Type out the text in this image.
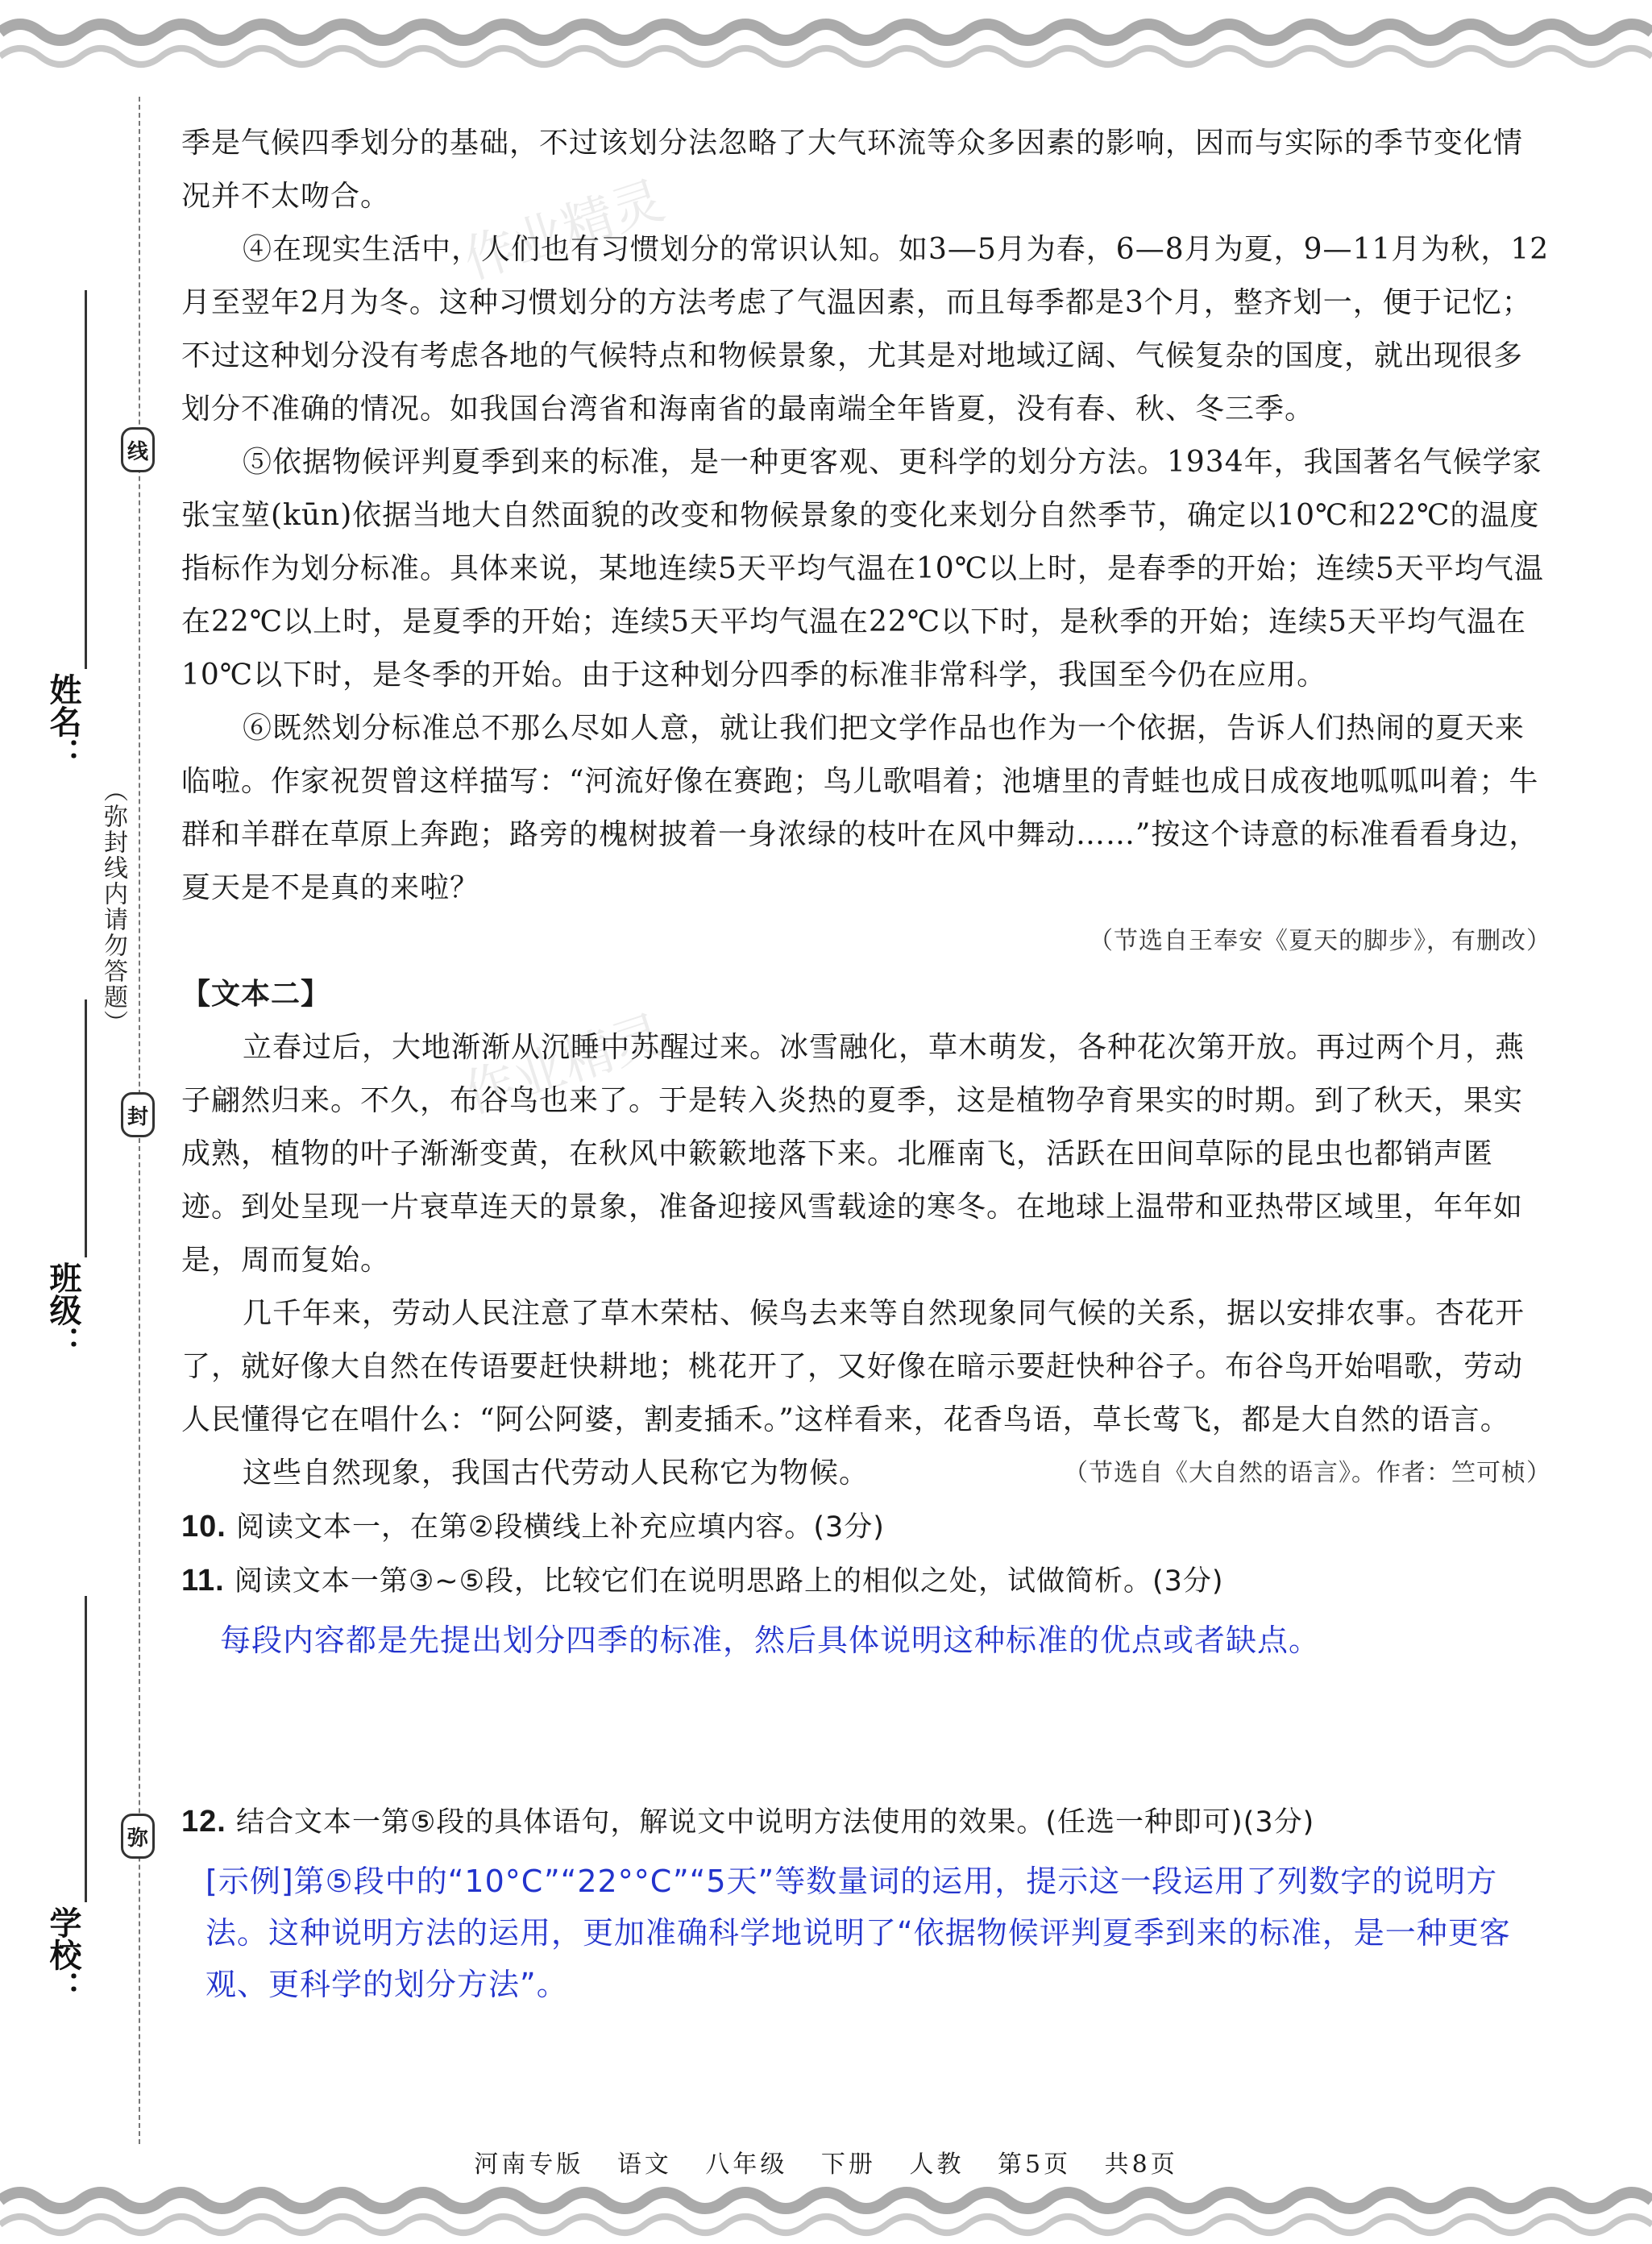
姓名：
班级：
学校：
线
封
弥
（弥封线内请勿答题）
作业精灵
作业精灵

季是气候四季划分的基础，不过该划分法忽略了大气环流等众多因素的影响，因而与实际的季节变化情况并不太吻合。

④在现实生活中，人们也有习惯划分的常识认知。如3—5月为春，6—8月为夏，9—11月为秋，12月至翌年2月为冬。这种习惯划分的方法考虑了气温因素，而且每季都是3个月，整齐划一，便于记忆；不过这种划分没有考虑各地的气候特点和物候景象，尤其是对地域辽阔、气候复杂的国度，就出现很多划分不准确的情况。如我国台湾省和海南省的最南端全年皆夏，没有春、秋、冬三季。

⑤依据物候评判夏季到来的标准，是一种更客观、更科学的划分方法。1934年，我国著名气候学家张宝堃(kūn)依据当地大自然面貌的改变和物候景象的变化来划分自然季节，确定以10℃和22℃的温度指标作为划分标准。具体来说，某地连续5天平均气温在10℃以上时，是春季的开始；连续5天平均气温在22℃以上时，是夏季的开始；连续5天平均气温在22℃以下时，是秋季的开始；连续5天平均气温在10℃以下时，是冬季的开始。由于这种划分四季的标准非常科学，我国至今仍在应用。

⑥既然划分标准总不那么尽如人意，就让我们把文学作品也作为一个依据，告诉人们热闹的夏天来临啦。作家祝贺曾这样描写：“河流好像在赛跑；鸟儿歌唱着；池塘里的青蛙也成日成夜地呱呱叫着；牛群和羊群在草原上奔跑；路旁的槐树披着一身浓绿的枝叶在风中舞动……”按这个诗意的标准看看身边，夏天是不是真的来啦？

（节选自王奉安《夏天的脚步》，有删改）

【文本二】

立春过后，大地渐渐从沉睡中苏醒过来。冰雪融化，草木萌发，各种花次第开放。再过两个月，燕子翩然归来。不久，布谷鸟也来了。于是转入炎热的夏季，这是植物孕育果实的时期。到了秋天，果实成熟，植物的叶子渐渐变黄，在秋风中簌簌地落下来。北雁南飞，活跃在田间草际的昆虫也都销声匿迹。到处呈现一片衰草连天的景象，准备迎接风雪载途的寒冬。在地球上温带和亚热带区域里，年年如是，周而复始。

几千年来，劳动人民注意了草木荣枯、候鸟去来等自然现象同气候的关系，据以安排农事。杏花开了，就好像大自然在传语要赶快耕地；桃花开了，又好像在暗示要赶快种谷子。布谷鸟开始唱歌，劳动人民懂得它在唱什么：“阿公阿婆，割麦插禾。”这样看来，花香鸟语，草长莺飞，都是大自然的语言。

这些自然现象，我国古代劳动人民称它为物候。	（节选自《大自然的语言》。作者：竺可桢）

10. 阅读文本一，在第②段横线上补充应填内容。(3分)

11. 阅读文本一第③~⑤段，比较它们在说明思路上的相似之处，试做简析。(3分)

每段内容都是先提出划分四季的标准，然后具体说明这种标准的优点或者缺点。

12. 结合文本一第⑤段的具体语句，解说文中说明方法使用的效果。(任选一种即可)(3分)

[示例]第⑤段中的“10°C”“22°°C”“5天”等数量词的运用，提示这一段运用了列数字的说明方法。这种说明方法的运用，更加准确科学地说明了“依据物候评判夏季到来的标准，是一种更客观、更科学的划分方法”。

河南专版 语文 八年级 下册 人教 第5页 共8页
